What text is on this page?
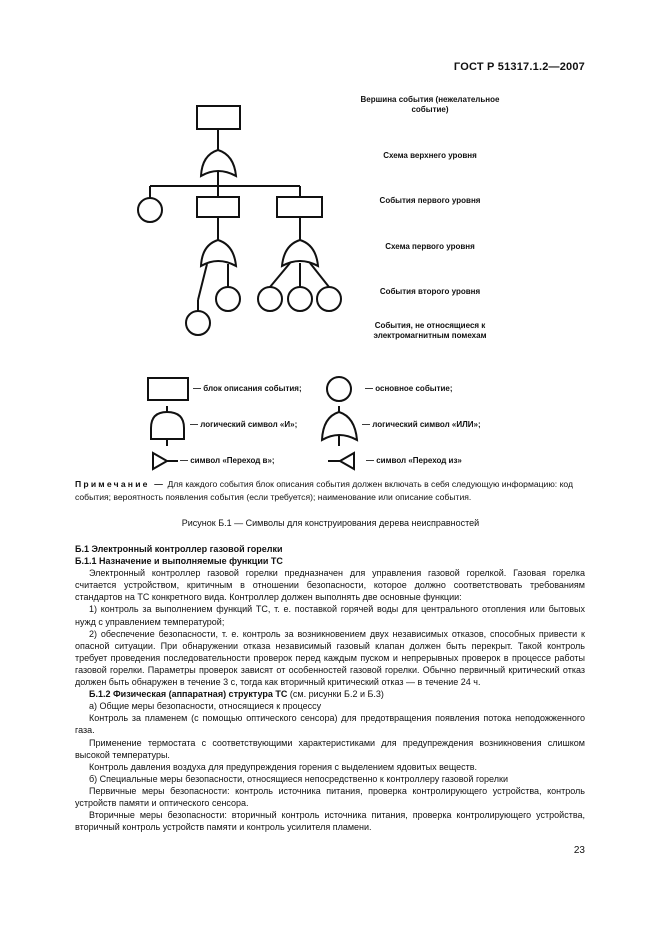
ГОСТ Р 51317.1.2—2007
Вершина события (нежелательное событие)
Схема верхнего уровня
События первого уровня
Схема первого уровня
События второго уровня
События, не относящиеся к электромагнитным помехам
— блок описания события;	— основное событие;
— логический символ «И»;	— логический символ «ИЛИ»;
— символ «Переход в»;	— символ «Переход из»
Примечание — Для каждого события блок описания события должен включать в себя следующую информацию: код события; вероятность появления события (если требуется); наименование или описание события.
Рисунок Б.1 — Символы для конструирования дерева неисправностей

Б.1 Электронный контроллер газовой горелки

Б.1.1 Назначение и выполняемые функции ТС

Электронный контроллер газовой горелки предназначен для управления газовой горелкой. Газовая горелка считается устройством, критичным в отношении безопасности, которое должно соответствовать требованиям стандартов на ТС конкретного вида. Контроллер должен выполнять две основные функции:

1) контроль за выполнением функций ТС, т. е. поставкой горячей воды для центрального отопления или бытовых нужд с управлением температурой;

2) обеспечение безопасности, т. е. контроль за возникновением двух независимых отказов, способных привести к опасной ситуации. При обнаружении отказа независимый газовый клапан должен быть перекрыт. Такой контроль требует проведения последовательности проверок перед каждым пуском и непрерывных проверок в процессе работы газовой горелки. Параметры проверок зависят от особенностей газовой горелки. Обычно первичный критический отказ должен быть обнаружен в течение 3 с, тогда как вторичный критический отказ — в течение 24 ч.

Б.1.2 Физическая (аппаратная) структура ТС (см. рисунки Б.2 и Б.3)

а) Общие меры безопасности, относящиеся к процессу

Контроль за пламенем (с помощью оптического сенсора) для предотвращения появления потока неподожженного газа.

Применение термостата с соответствующими характеристиками для предупреждения возникновения слишком высокой температуры.

Контроль давления воздуха для предупреждения горения с выделением ядовитых веществ.

б) Специальные меры безопасности, относящиеся непосредственно к контроллеру газовой горелки

Первичные меры безопасности: контроль источника питания, проверка контролирующего устройства, контроль устройств памяти и оптического сенсора.

Вторичные меры безопасности: вторичный контроль источника питания, проверка контролирующего устройства, вторичный контроль устройств памяти и контроль усилителя пламени.

23
